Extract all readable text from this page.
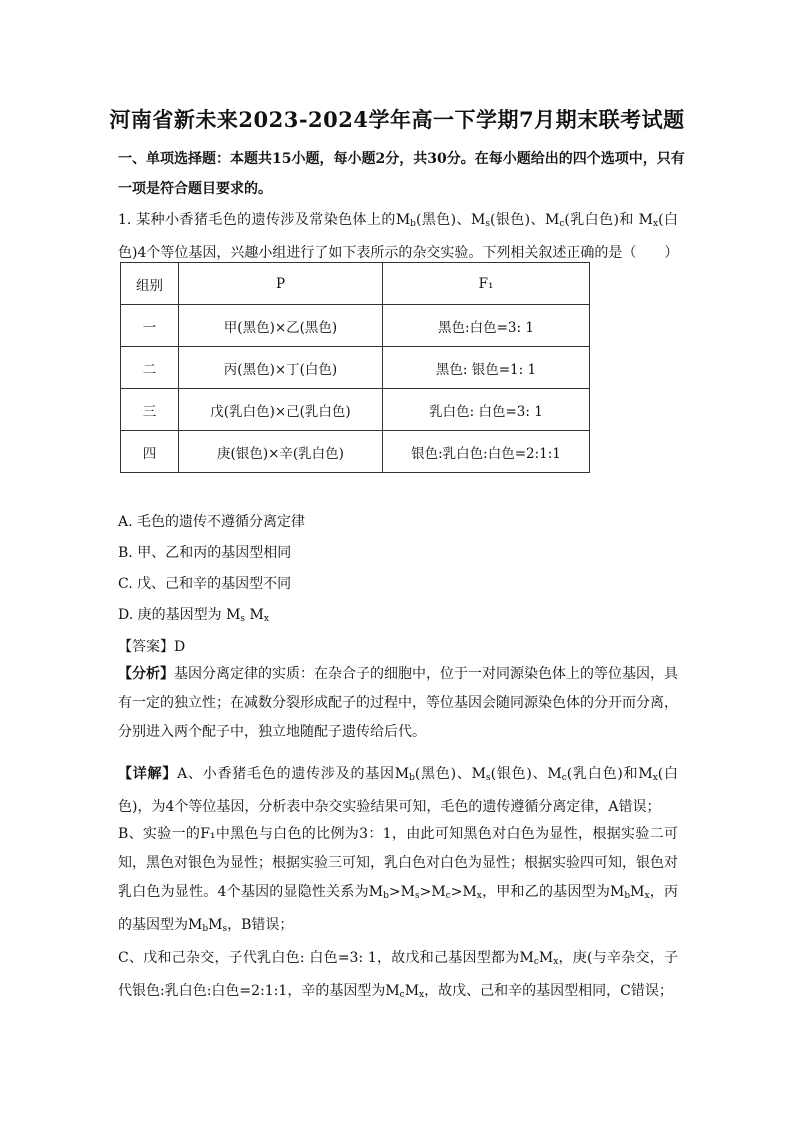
河南省新未来2023-2024学年高一下学期7月期末联考试题
一、单项选择题：本题共15小题，每小题2分，共30分。在每小题给出的四个选项中，只有一项是符合题目要求的。
1. 某种小香猪毛色的遗传涉及常染色体上的$M_b$(黑色)、$M_s$(银色)、$M_c$(乳白色)和 $M_x$(白色)4个等位基因，兴趣小组进行了如下表所示的杂交实验。下列相关叙述正确的是（　　）
组别	P	F₁
一	甲(黑色)×乙(黑色)	黑色:白色=3: 1
二	丙(黑色)×丁(白色)	黑色: 银色=1: 1
三	戊(乳白色)×己(乳白色)	乳白色: 白色=3: 1
四	庚(银色)×辛(乳白色)	银色:乳白色:白色=2:1:1
A. 毛色的遗传不遵循分离定律
B. 甲、乙和丙的基因型相同
C. 戊、己和辛的基因型不同
D. 庚的基因型为 $M_s$ $M_x$
【答案】D
【分析】基因分离定律的实质：在杂合子的细胞中，位于一对同源染色体上的等位基因，具有一定的独立性；在减数分裂形成配子的过程中，等位基因会随同源染色体的分开而分离，分别进入两个配子中，独立地随配子遗传给后代。
【详解】A、小香猪毛色的遗传涉及的基因$M_b$(黑色)、$M_s$(银色)、$M_c$(乳白色)和$M_x$(白色)，为4个等位基因，分析表中杂交实验结果可知，毛色的遗传遵循分离定律，A错误；
B、实验一的F₁中黑色与白色的比例为3：1，由此可知黑色对白色为显性，根据实验二可知，黑色对银色为显性；根据实验三可知，乳白色对白色为显性；根据实验四可知，银色对乳白色为显性。4个基因的显隐性关系为$M_b>M_s>M_c>M_x$，甲和乙的基因型为$M_bM_x$，丙的基因型为$M_bM_s$，B错误；
C、戊和己杂交，子代乳白色: 白色=3: 1，故戊和己基因型都为$M_cM_x$，庚(与辛杂交，子代银色:乳白色:白色=2:1:1，辛的基因型为$M_cM_x$，故戊、己和辛的基因型相同，C错误；
